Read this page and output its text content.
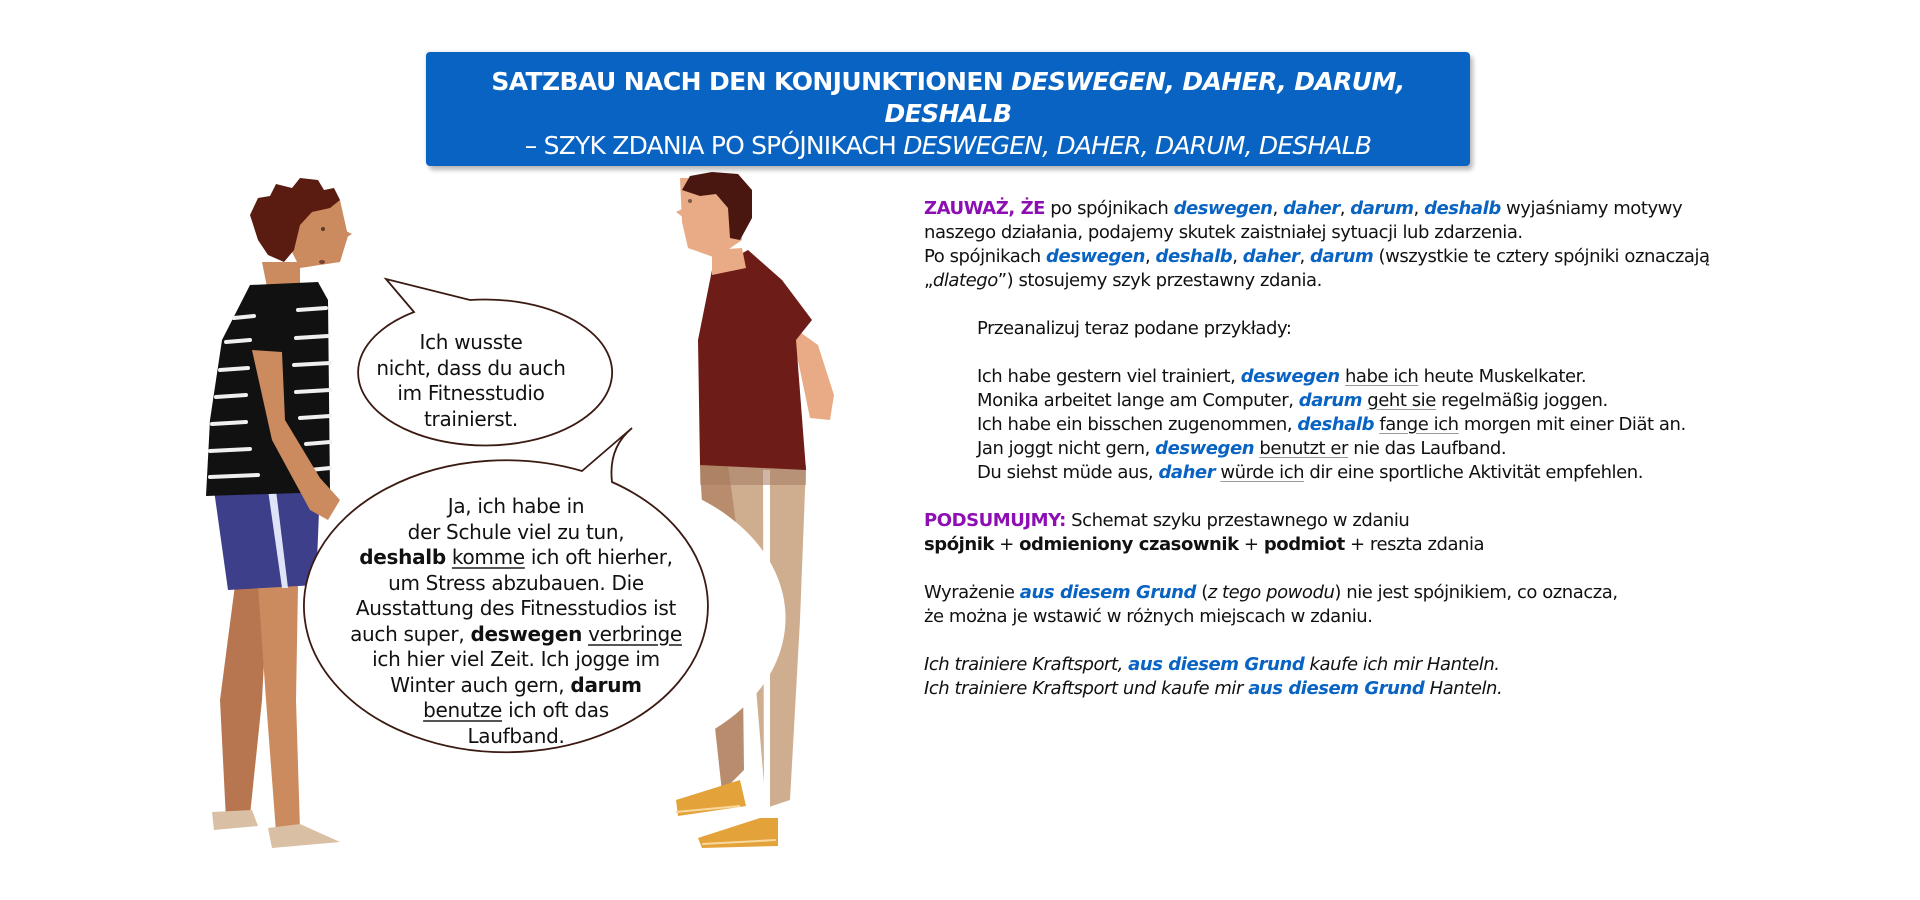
Ich wusste
nicht, dass du auch
im Fitnesstudio
trainierst.
Ja, ich habe in
der Schule viel zu tun,
deshalb komme ich oft hierher,
um Stress abzubauen. Die
Ausstattung des Fitnesstudios ist
auch super, deswegen verbringe
ich hier viel Zeit. Ich jogge im
Winter auch gern, darum
benutze ich oft das
Laufband.
SATZBAU NACH DEN KONJUNKTIONEN DESWEGEN, DAHER, DARUM, DESHALB
– SZYK ZDANIA PO SPÓJNIKACH DESWEGEN, DAHER, DARUM, DESHALB

ZAUWAŻ, ŻE po spójnikach deswegen, daher, darum, deshalb wyjaśniamy motywy

naszego działania, podajemy skutek zaistniałej sytuacji lub zdarzenia.

Po spójnikach deswegen, deshalb, daher, darum (wszystkie te cztery spójniki oznaczają

„dlatego”) stosujemy szyk przestawny zdania.

Przeanalizuj teraz podane przykłady:

Ich habe gestern viel trainiert, deswegen habe ich heute Muskelkater.

Monika arbeitet lange am Computer, darum geht sie regelmäßig joggen.

Ich habe ein bisschen zugenommen, deshalb fange ich morgen mit einer Diät an.

Jan joggt nicht gern, deswegen benutzt er nie das Laufband.

Du siehst müde aus, daher würde ich dir eine sportliche Aktivität empfehlen.

PODSUMUJMY: Schemat szyku przestawnego w zdaniu

spójnik + odmieniony czasownik + podmiot + reszta zdania

Wyrażenie aus diesem Grund (z tego powodu) nie jest spójnikiem, co oznacza,

że można je wstawić w różnych miejscach w zdaniu.

Ich trainiere Kraftsport, aus diesem Grund kaufe ich mir Hanteln.

Ich trainiere Kraftsport und kaufe mir aus diesem Grund Hanteln.
